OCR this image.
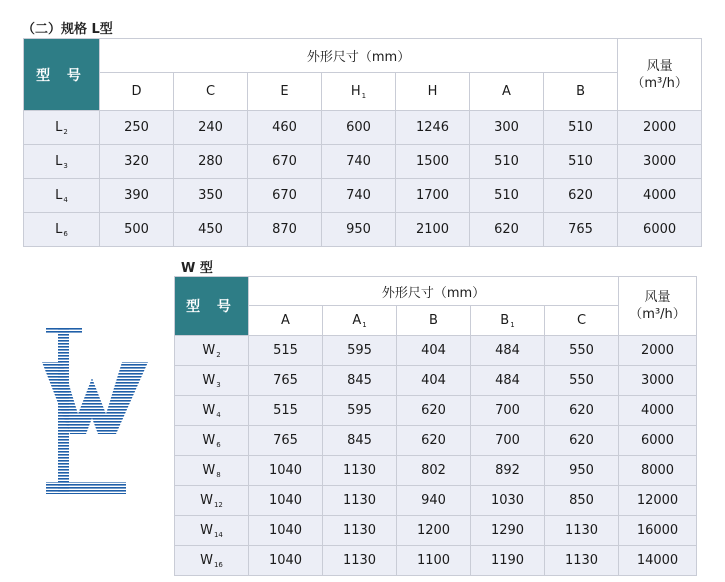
（二）规格 L型
型 号	外形尺寸（mm）							风量
（m³/h）

	D	C	E	$H_1$	H	A	B	
$L_2$	250	240	460	600	1246	300	510	2000
$L_3$	320	280	670	740	1500	510	510	3000
$L_4$	390	350	670	740	1700	510	620	4000
$L_6$	500	450	870	950	2100	620	765	6000
W 型
型 号	外形尺寸（mm）					风量
（m³/h）

	A	$A_1$	B	$B_1$	C	
$W_2$	515	595	404	484	550	2000
$W_3$	765	845	404	484	550	3000
$W_4$	515	595	620	700	620	4000
$W_6$	765	845	620	700	620	6000
$W_8$	1040	1130	802	892	950	8000
$W_{12}$	1040	1130	940	1030	850	12000
$W_{14}$	1040	1130	1200	1290	1130	16000
$W_{16}$	1040	1130	1100	1190	1130	14000
